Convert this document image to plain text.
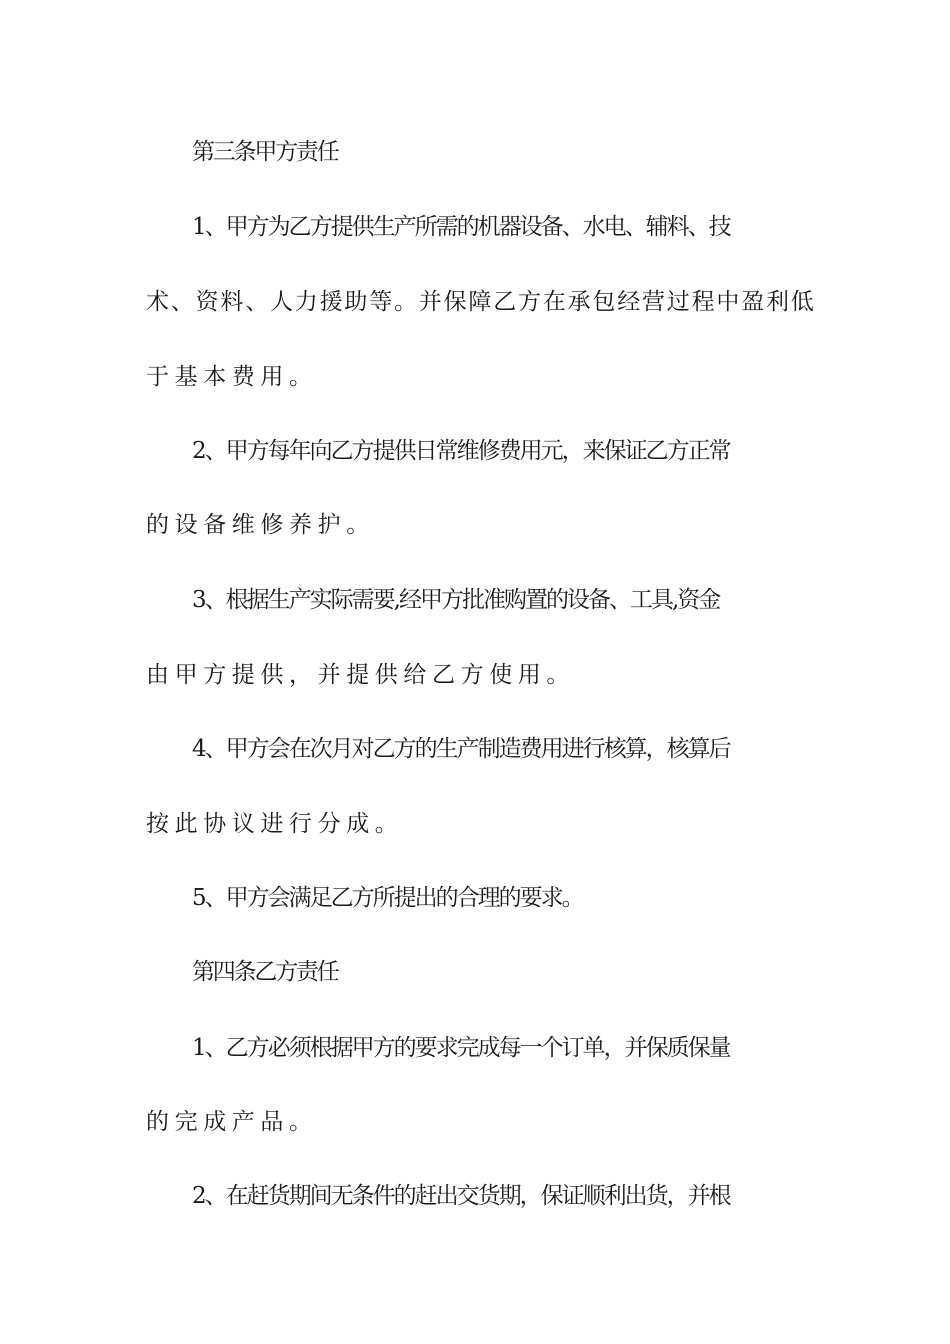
第三条甲方责任
1、甲方为乙方提供生产所需的机器设备、水电、辅料、技
术、资料、人力援助等。并保障乙方在承包经营过程中盈利低
于基本费用。
2、甲方每年向乙方提供日常维修费用元，来保证乙方正常
的设备维修养护。
3、根据生产实际需要,经甲方批准购置的设备、工具,资金
由甲方提供，并提供给乙方使用。
4、甲方会在次月对乙方的生产制造费用进行核算，核算后
按此协议进行分成。
5、甲方会满足乙方所提出的合理的要求。
第四条乙方责任
1、乙方必须根据甲方的要求完成每一个订单，并保质保量
的完成产品。
2、在赶货期间无条件的赶出交货期，保证顺利出货，并根
